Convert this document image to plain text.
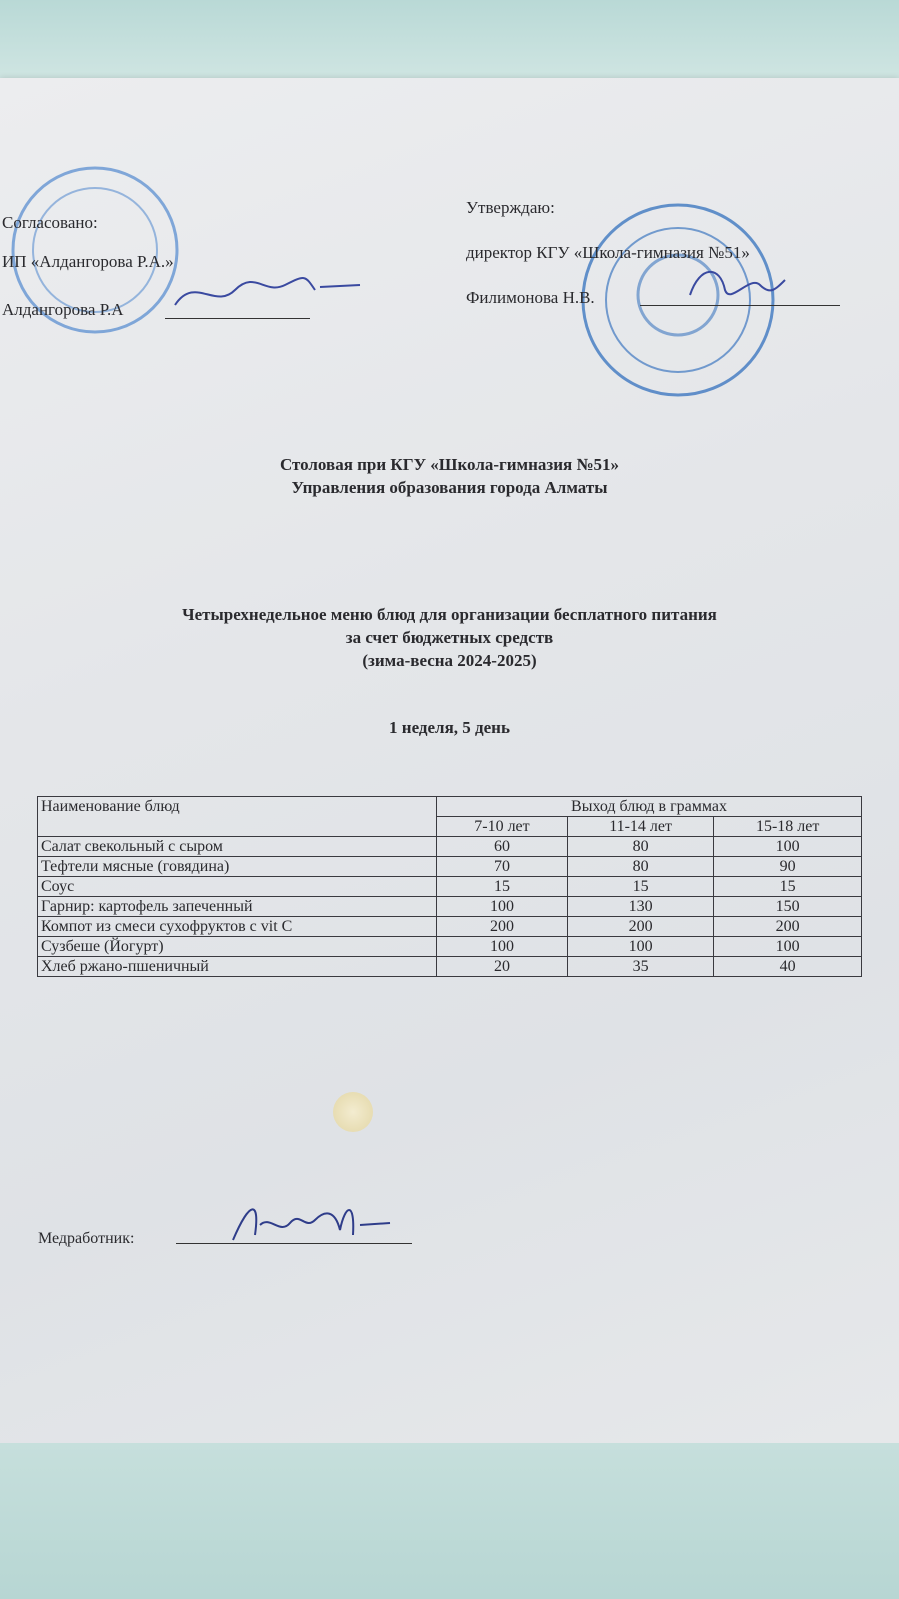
Согласовано:
ИП «Алдангорова Р.А.»
Алдангорова Р.А
Утверждаю:
директор КГУ «Школа-гимназия №51»
Филимонова Н.В.
Столовая при КГУ «Школа-гимназия №51»
Управления образования города Алматы
Четырехнедельное меню блюд для организации бесплатного питания
за счет бюджетных средств
(зима-весна 2024-2025)
1 неделя, 5 день
Наименование блюд	Выход блюд в граммах		
	7-10 лет	11-14 лет	15-18 лет
Салат свекольный с сыром	60	80	100
Тефтели мясные (говядина)	70	80	90
Соус	15	15	15
Гарнир: картофель запеченный	100	130	150
Компот из смеси сухофруктов с vit C	200	200	200
Сузбеше (Йогурт)	100	100	100
Хлеб ржано-пшеничный	20	35	40
Медработник:
